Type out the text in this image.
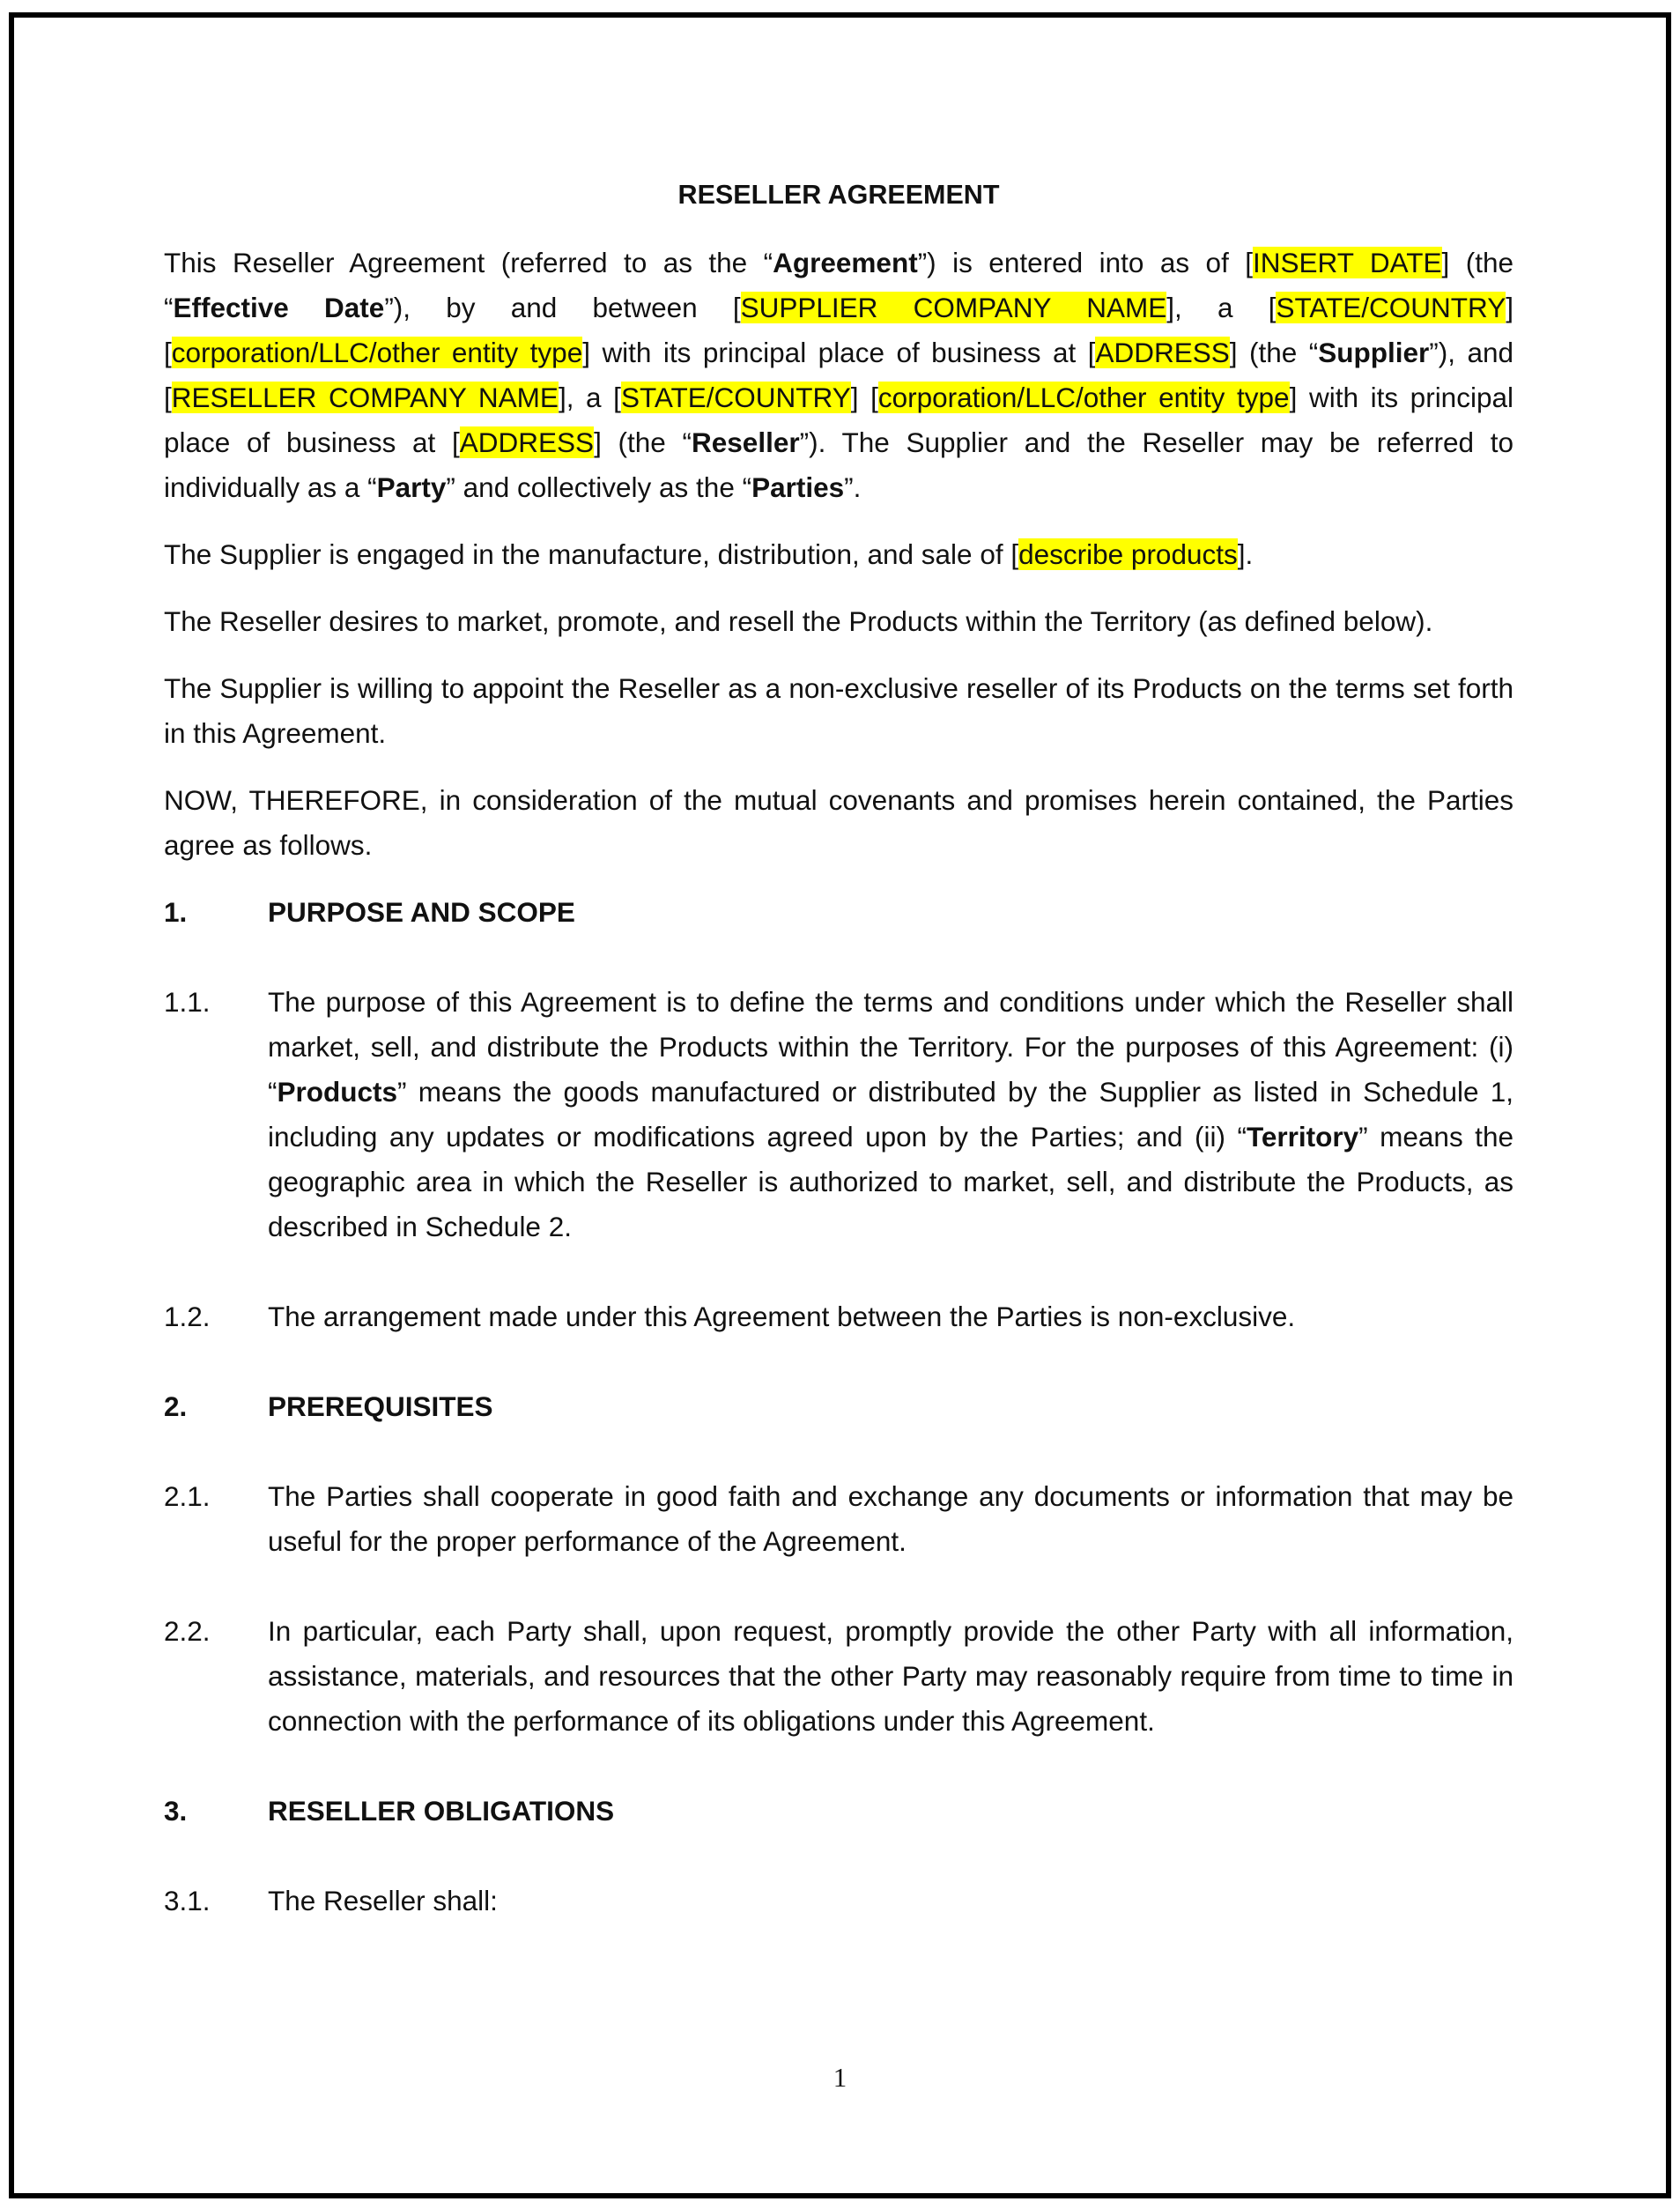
RESELLER AGREEMENT

This Reseller Agreement (referred to as the “Agreement”) is entered into as of [INSERT DATE] (the “Effective Date”), by and between [SUPPLIER COMPANY NAME], a [STATE/COUNTRY] [corporation/LLC/other entity type] with its principal place of business at [ADDRESS] (the “Supplier”), and [RESELLER COMPANY NAME], a [STATE/COUNTRY] [corporation/LLC/other entity type] with its principal place of business at [ADDRESS] (the “Reseller”). The Supplier and the Reseller may be referred to individually as a “Party” and collectively as the “Parties”.

The Supplier is engaged in the manufacture, distribution, and sale of [describe products].

The Reseller desires to market, promote, and resell the Products within the Territory (as defined below).

The Supplier is willing to appoint the Reseller as a non-exclusive reseller of its Products on the terms set forth in this Agreement.

NOW, THEREFORE, in consideration of the mutual covenants and promises herein contained, the Parties agree as follows.

1.	PURPOSE AND SCOPE
1.1.	The purpose of this Agreement is to define the terms and conditions under which the Reseller shall market, sell, and distribute the Products within the Territory. For the purposes of this Agreement: (i) “Products” means the goods manufactured or distributed by the Supplier as listed in Schedule 1, including any updates or modifications agreed upon by the Parties; and (ii) “Territory” means the geographic area in which the Reseller is authorized to market, sell, and distribute the Products, as described in Schedule 2.
1.2.	The arrangement made under this Agreement between the Parties is non-exclusive.
2.	PREREQUISITES
2.1.	The Parties shall cooperate in good faith and exchange any documents or information that may be useful for the proper performance of the Agreement.
2.2.	In particular, each Party shall, upon request, promptly provide the other Party with all information, assistance, materials, and resources that the other Party may reasonably require from time to time in connection with the performance of its obligations under this Agreement.
3.	RESELLER OBLIGATIONS
3.1.	The Reseller shall:
1
